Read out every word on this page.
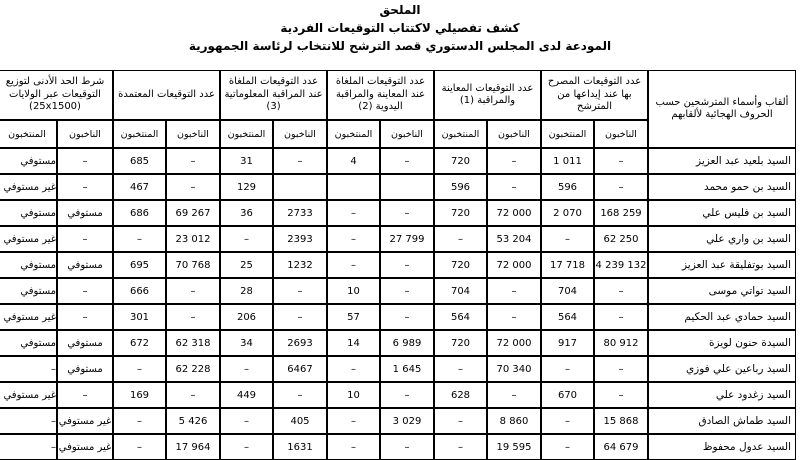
الملحق
كشف تفصيلي لاكتتاب التوقيعات الفردية
المودعة لدى المجلس الدستوري قصد الترشح للانتخاب لرئاسة الجمهورية
ألقاب وأسماء المترشحين حسب الحروف الهجائية لألقابهم
عدد التوقيعات المصرح بها عند إيداعها من المترشح
الناخبون
المنتخبون
عدد التوقيعات المعاينة والمراقبة (1)
الناخبون
المنتخبون
عدد التوقيعات الملغاة عند المعاينة والمراقبة اليدوية (2)
الناخبون
المنتخبون
عدد التوقيعات الملغاة عند المراقبة المعلوماتية (3)
الناخبون
المنتخبون
عدد التوقيعات المعتمدة
الناخبون
المنتخبون
شرط الحد الأدنى لتوزيع التوقيعات عبر الولايات (25x1500)
الناخبون
المنتخبون
السيد بلعيد عبد العزيز
–
1 011
–
720
–
4
–
31
–
685
–
مستوفي
السيد بن حمو محمد
–
596
–
596
129
–
467
–
غير مستوفي
السيد بن فليس علي
168 259
2 070
72 000
720
–
–
2733
36
69 267
686
مستوفي
مستوفي
السيد بن واري علي
62 250
–
53 204
–
27 799
–
2393
–
23 012
–
–
غير مستوفي
السيد بوتفليقة عبد العزيز
4 239 132
17 718
72 000
720
–
–
1232
25
70 768
695
مستوفي
مستوفي
السيد تواتي موسى
–
704
–
704
–
10
–
28
–
666
–
مستوفي
السيد حمادي عبد الحكيم
–
564
–
564
–
57
–
206
–
301
–
غير مستوفي
السيدة حنون لويزة
80 912
917
72 000
720
6 989
14
2693
34
62 318
672
مستوفي
مستوفي
السيد رباعين علي فوزي
–
–
70 340
–
1 645
–
6467
–
62 228
–
مستوفي
–
السيد زغدود علي
–
670
–
628
–
10
–
449
–
169
–
غير مستوفي
السيد طماش الصادق
15 868
–
8 860
–
3 029
–
405
–
5 426
–
غير مستوفي
–
السيد عدول محفوظ
64 679
–
19 595
–
–
–
1631
–
17 964
–
غير مستوفي
–
